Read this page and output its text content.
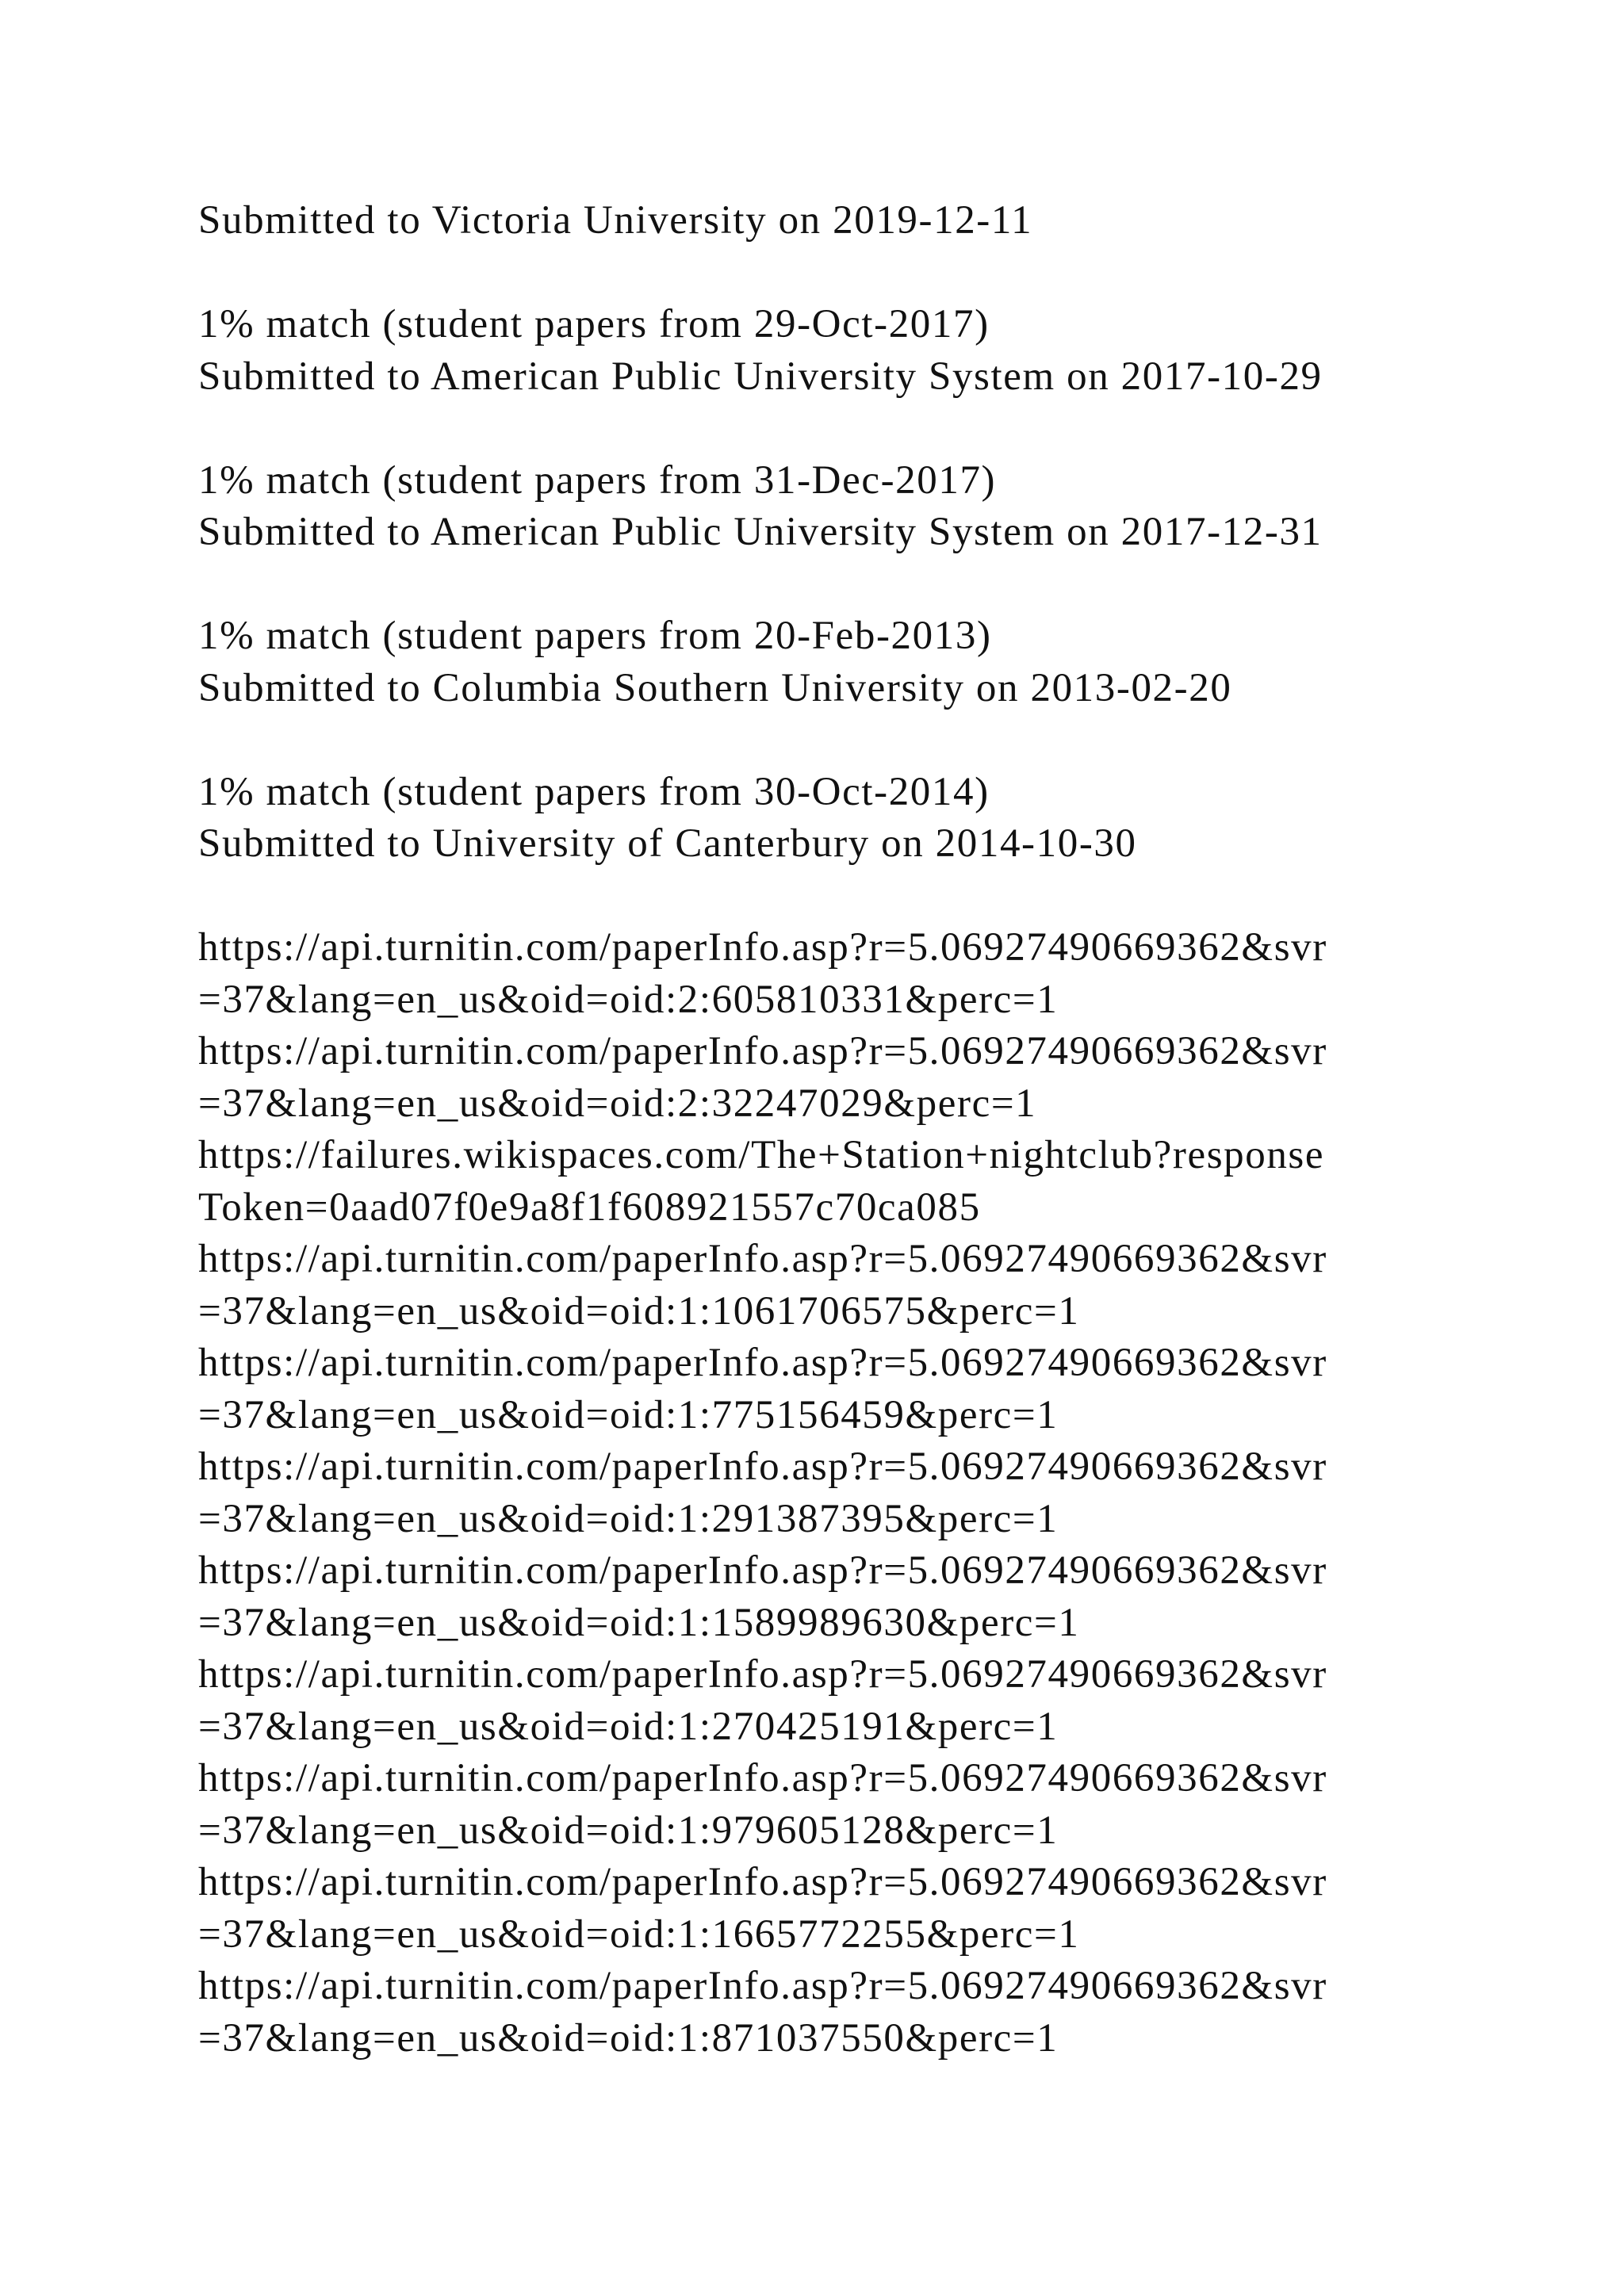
Submitted to Victoria University on 2019-12-11
1% match (student papers from 29-Oct-2017)
Submitted to American Public University System on 2017-10-29
1% match (student papers from 31-Dec-2017)
Submitted to American Public University System on 2017-12-31
1% match (student papers from 20-Feb-2013)
Submitted to Columbia Southern University on 2013-02-20
1% match (student papers from 30-Oct-2014)
Submitted to University of Canterbury on 2014-10-30
https://api.turnitin.com/paperInfo.asp?r=5.06927490669362&svr
=37&lang=en_us&oid=oid:2:605810331&perc=1
https://api.turnitin.com/paperInfo.asp?r=5.06927490669362&svr
=37&lang=en_us&oid=oid:2:32247029&perc=1
https://failures.wikispaces.com/The+Station+nightclub?response
Token=0aad07f0e9a8f1f608921557c70ca085
https://api.turnitin.com/paperInfo.asp?r=5.06927490669362&svr
=37&lang=en_us&oid=oid:1:1061706575&perc=1
https://api.turnitin.com/paperInfo.asp?r=5.06927490669362&svr
=37&lang=en_us&oid=oid:1:775156459&perc=1
https://api.turnitin.com/paperInfo.asp?r=5.06927490669362&svr
=37&lang=en_us&oid=oid:1:291387395&perc=1
https://api.turnitin.com/paperInfo.asp?r=5.06927490669362&svr
=37&lang=en_us&oid=oid:1:1589989630&perc=1
https://api.turnitin.com/paperInfo.asp?r=5.06927490669362&svr
=37&lang=en_us&oid=oid:1:270425191&perc=1
https://api.turnitin.com/paperInfo.asp?r=5.06927490669362&svr
=37&lang=en_us&oid=oid:1:979605128&perc=1
https://api.turnitin.com/paperInfo.asp?r=5.06927490669362&svr
=37&lang=en_us&oid=oid:1:1665772255&perc=1
https://api.turnitin.com/paperInfo.asp?r=5.06927490669362&svr
=37&lang=en_us&oid=oid:1:871037550&perc=1
